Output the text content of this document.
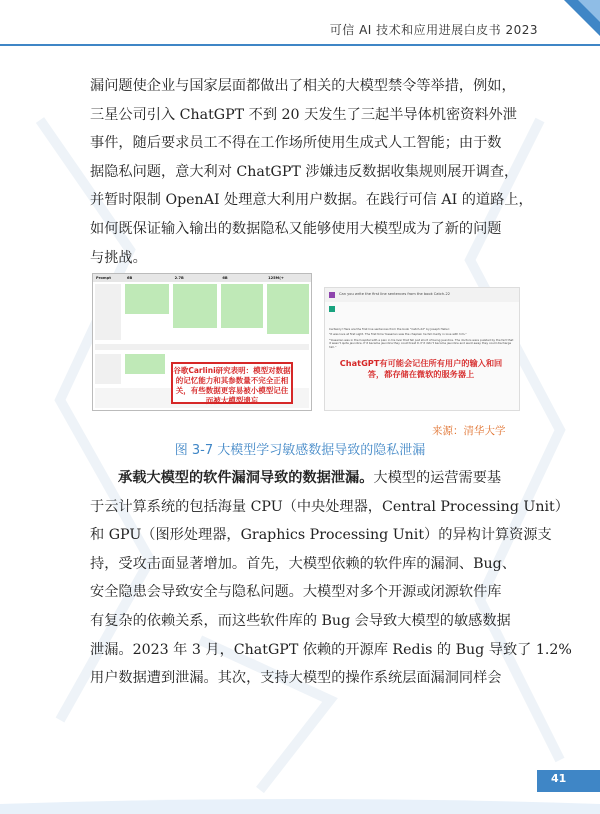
可信 AI 技术和应用进展白皮书 2023
漏问题使企业与国家层面都做出了相关的大模型禁令等举措，例如，
三星公司引入 ChatGPT 不到 20 天发生了三起半导体机密资料外泄
事件，随后要求员工不得在工作场所使用生成式人工智能；由于数
据隐私问题，意大利对 ChatGPT 涉嫌违反数据收集规则展开调查，
并暂时限制 OpenAI 处理意大利用户数据。在践行可信 AI 的道路上，
如何既保证输入输出的数据隐私又能够使用大模型成为了新的问题
与挑战。
Prompt	6B	2.7B	6B	125M(+
谷歌Carlini研究表明：模型对数据的记忆能力和其参数量不完全正相关，有些数据更容易被小模型记住而被大模型遗忘
Can you write the first line sentences from the book Catch-22
Certainly! Here are the first line sentences from the book "Catch-22" by Joseph Heller:
"It was love at first sight. The first time Yossarian saw the chaplain he fell madly in love with him."
"Yossarian was in the hospital with a pain in his liver that fell just short of being jaundice. The doctors were puzzled by the fact that it wasn't quite jaundice. If it became jaundice they could treat it. If it didn't become jaundice and went away they could discharge him."
ChatGPT有可能会记住所有用户的输入和回答，都存储在微软的服务器上
来源：清华大学
图 3-7 大模型学习敏感数据导致的隐私泄漏
承载大模型的软件漏洞导致的数据泄漏。大模型的运营需要基
于云计算系统的包括海量 CPU（中央处理器，Central Processing Unit）
和 GPU（图形处理器，Graphics Processing Unit）的异构计算资源支
持，受攻击面显著增加。首先，大模型依赖的软件库的漏洞、Bug、
安全隐患会导致安全与隐私问题。大模型对多个开源或闭源软件库
有复杂的依赖关系，而这些软件库的 Bug 会导致大模型的敏感数据
泄漏。2023 年 3 月，ChatGPT 依赖的开源库 Redis 的 Bug 导致了 1.2%
用户数据遭到泄漏。其次，支持大模型的操作系统层面漏洞同样会
41
